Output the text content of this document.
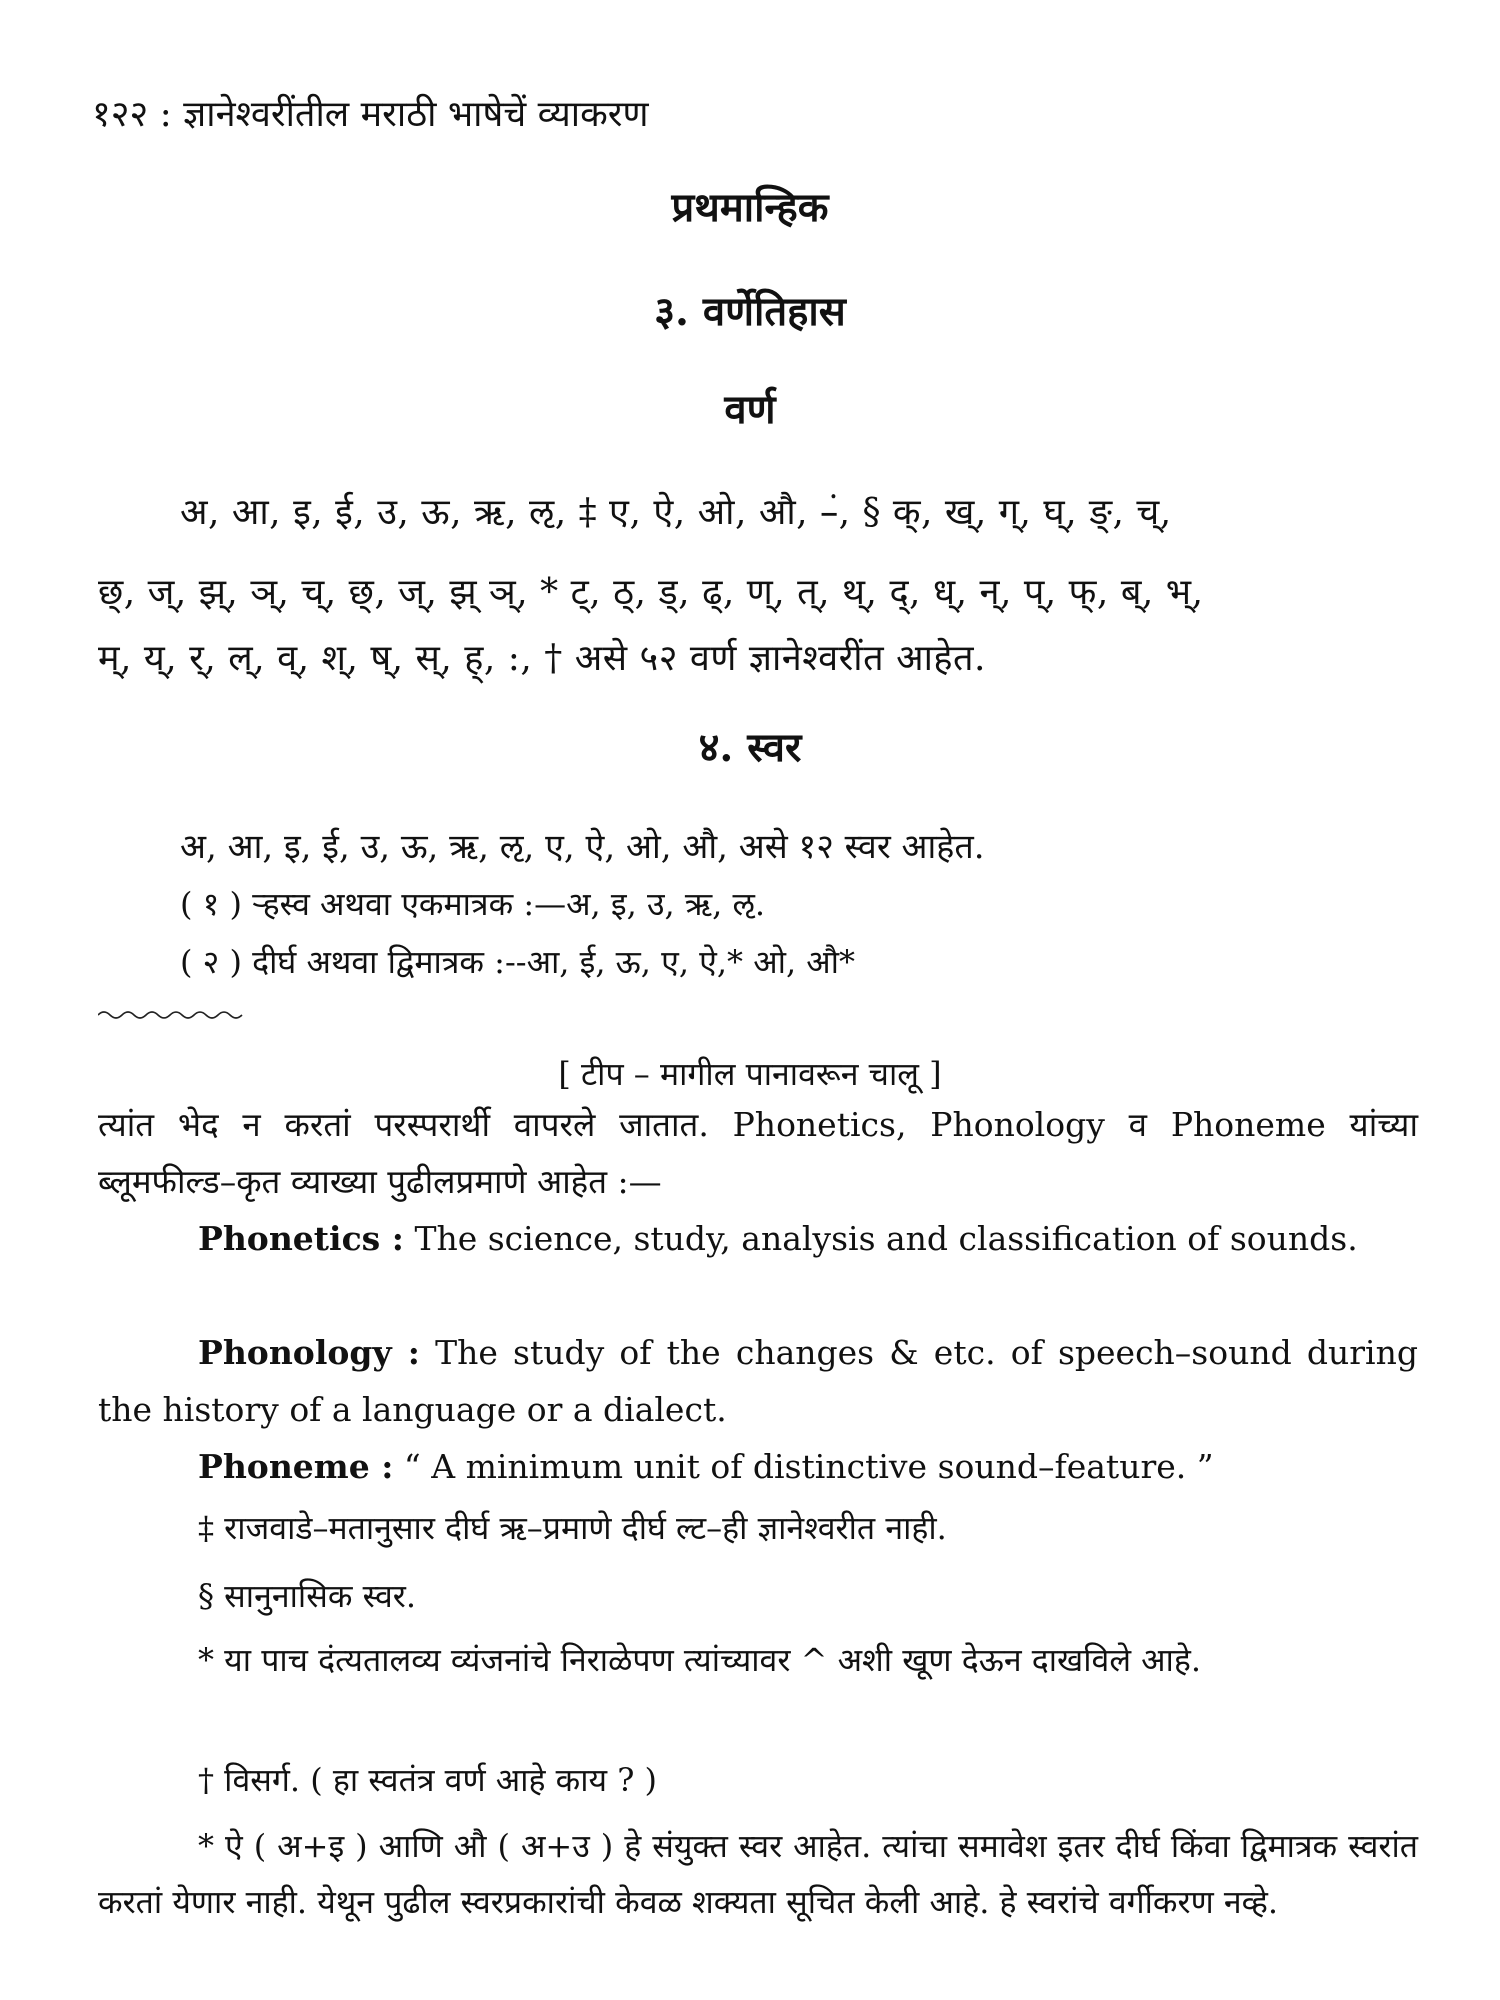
१२२ : ज्ञानेश्वरींतील मराठी भाषेचें व्याकरण
प्रथमान्हिक
३. वर्णेतिहास
वर्ण
अ, आ, इ, ई, उ, ऊ, ऋ, ऌ, ‡ ए, ऐ, ओ, औ, –ं, § क्, ख्, ग्, घ्, ङ्, च्,
छ्, ज्, झ्, ञ्, च्, छ्, ज्, झ् ञ्, * ट्, ठ्, ड्, ढ्, ण्, त्, थ्, द्, ध्, न्, प्, फ्, ब्, भ्,
म्, य्, र्, ल्, व्, श्, ष्, स्, ह्, :, † असे ५२ वर्ण ज्ञानेश्वरींत आहेत.
४. स्वर
अ, आ, इ, ई, उ, ऊ, ऋ, ऌ, ए, ऐ, ओ, औ, असे १२ स्वर आहेत.
( १ ) ऱ्हस्व अथवा एकमात्रक :—अ, इ, उ, ऋ, ऌ.
( २ ) दीर्घ अथवा द्विमात्रक :--आ, ई, ऊ, ए, ऐ,* ओ, औ*
[ टीप – मागील पानावरून चालू ]
त्यांत भेद न करतां परस्परार्थी वापरले जातात. Phonetics, Phonology व Phoneme यांच्या ब्लूमफील्ड–कृत व्याख्या पुढीलप्रमाणे आहेत :—
Phonetics : The science, study, analysis and classification of sounds.
Phonology : The study of the changes & etc. of speech–sound during the history of a language or a dialect.
Phoneme : “ A minimum unit of distinctive sound–feature. ”
‡ राजवाडे–मतानुसार दीर्घ ऋ–प्रमाणे दीर्घ ल्ट–ही ज्ञानेश्वरीत नाही.
§ सानुनासिक स्वर.
* या पाच दंत्यतालव्य व्यंजनांचे निराळेपण त्यांच्यावर ^ अशी खूण देऊन दाखविले आहे.
† विसर्ग. ( हा स्वतंत्र वर्ण आहे काय ? )
* ऐ ( अ+इ ) आणि औ ( अ+उ ) हे संयुक्त स्वर आहेत. त्यांचा समावेश इतर दीर्घ किंवा द्विमात्रक स्वरांत करतां येणार नाही. येथून पुढील स्वरप्रकारांची केवळ शक्यता सूचित केली आहे. हे स्वरांचे वर्गीकरण नव्हे.
